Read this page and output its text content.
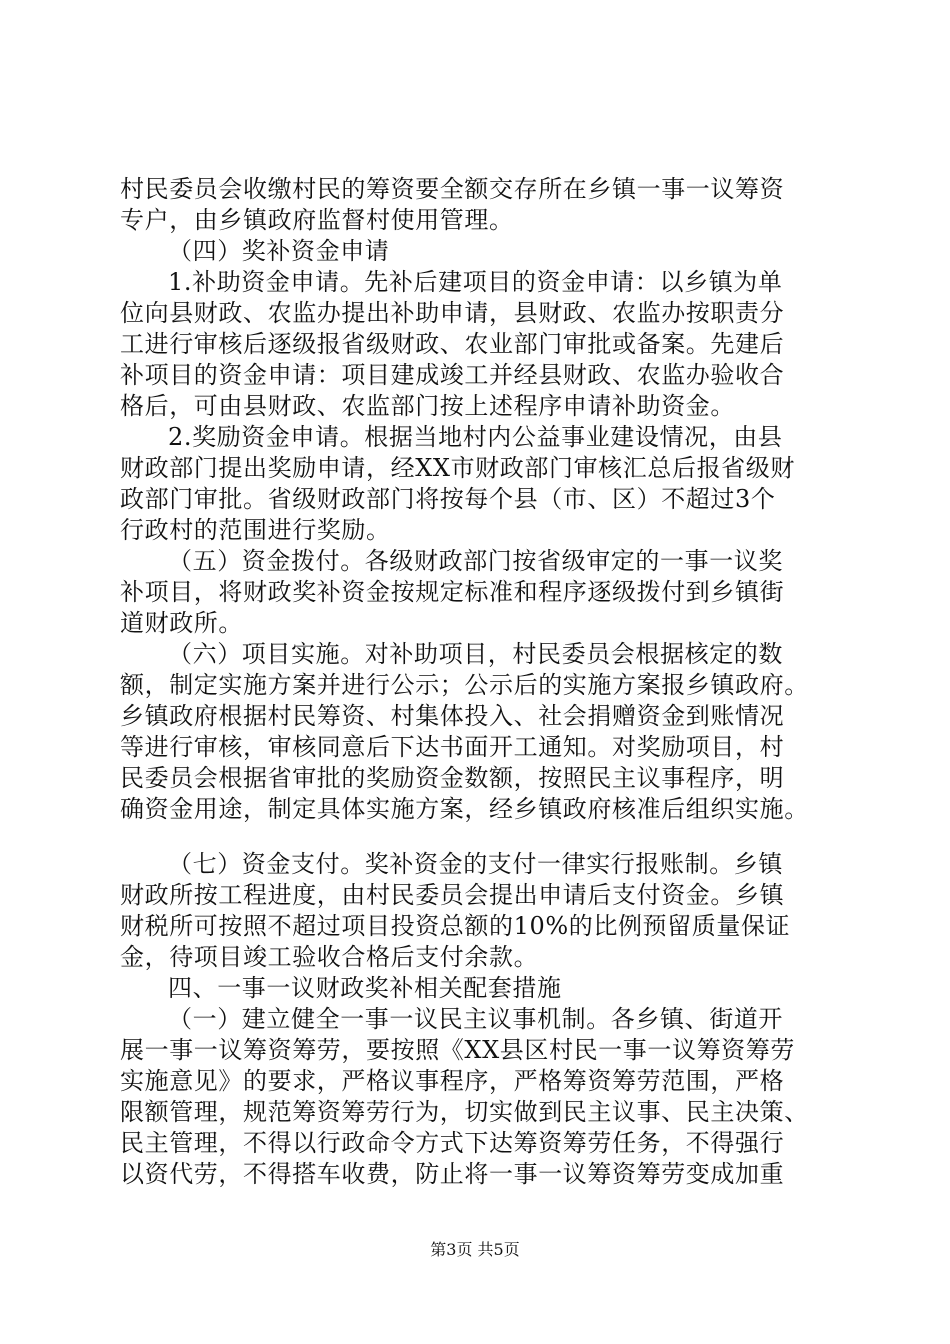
村民委员会收缴村民的筹资要全额交存所在乡镇一事一议筹资
专户，由乡镇政府监督村使用管理。
（四）奖补资金申请
1.补助资金申请。先补后建项目的资金申请：以乡镇为单
位向县财政、农监办提出补助申请，县财政、农监办按职责分
工进行审核后逐级报省级财政、农业部门审批或备案。先建后
补项目的资金申请：项目建成竣工并经县财政、农监办验收合
格后，可由县财政、农监部门按上述程序申请补助资金。
2.奖励资金申请。根据当地村内公益事业建设情况，由县
财政部门提出奖励申请，经XX市财政部门审核汇总后报省级财
政部门审批。省级财政部门将按每个县（市、区）不超过3个
行政村的范围进行奖励。
（五）资金拨付。各级财政部门按省级审定的一事一议奖
补项目，将财政奖补资金按规定标准和程序逐级拨付到乡镇街
道财政所。
（六）项目实施。对补助项目，村民委员会根据核定的数
额，制定实施方案并进行公示；公示后的实施方案报乡镇政府。
乡镇政府根据村民筹资、村集体投入、社会捐赠资金到账情况
等进行审核，审核同意后下达书面开工通知。对奖励项目，村
民委员会根据省审批的奖励资金数额，按照民主议事程序，明
确资金用途，制定具体实施方案，经乡镇政府核准后组织实施。
（七）资金支付。奖补资金的支付一律实行报账制。乡镇
财政所按工程进度，由村民委员会提出申请后支付资金。乡镇
财税所可按照不超过项目投资总额的10%的比例预留质量保证
金，待项目竣工验收合格后支付余款。
四、一事一议财政奖补相关配套措施
（一）建立健全一事一议民主议事机制。各乡镇、街道开
展一事一议筹资筹劳，要按照《XX县区村民一事一议筹资筹劳
实施意见》的要求，严格议事程序，严格筹资筹劳范围，严格
限额管理，规范筹资筹劳行为，切实做到民主议事、民主决策、
民主管理，不得以行政命令方式下达筹资筹劳任务，不得强行
以资代劳，不得搭车收费，防止将一事一议筹资筹劳变成加重
第3页 共5页
